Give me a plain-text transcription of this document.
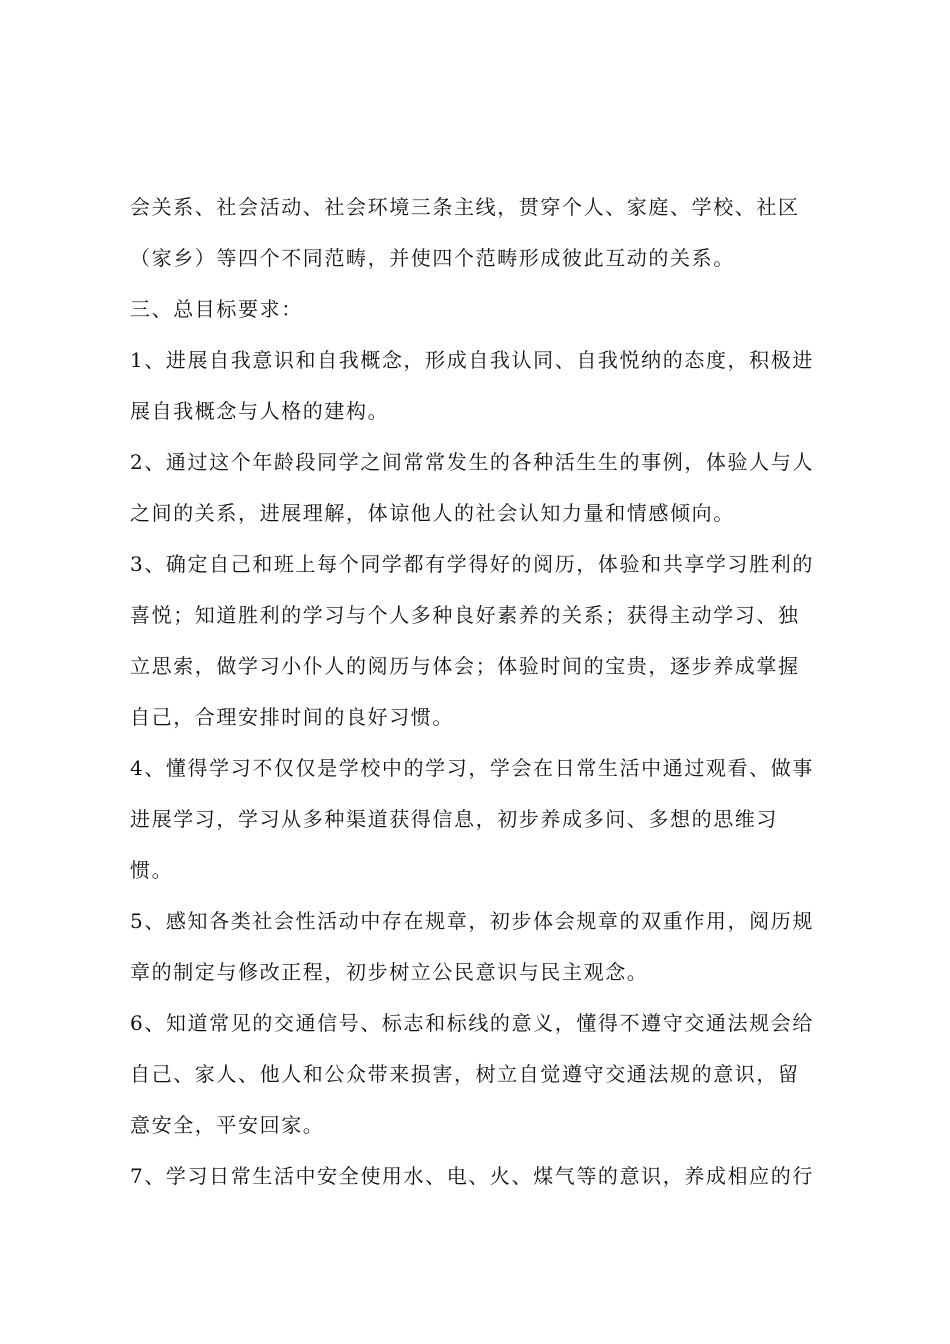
会关系、社会活动、社会环境三条主线，贯穿个人、家庭、学校、社区
（家乡）等四个不同范畴，并使四个范畴形成彼此互动的关系。
三、总目标要求：
1、进展自我意识和自我概念，形成自我认同、自我悦纳的态度，积极进
展自我概念与人格的建构。
2、通过这个年龄段同学之间常常发生的各种活生生的事例，体验人与人
之间的关系，进展理解，体谅他人的社会认知力量和情感倾向。
3、确定自己和班上每个同学都有学得好的阅历，体验和共享学习胜利的
喜悦；知道胜利的学习与个人多种良好素养的关系；获得主动学习、独
立思索，做学习小仆人的阅历与体会；体验时间的宝贵，逐步养成掌握
自己，合理安排时间的良好习惯。
4、懂得学习不仅仅是学校中的学习，学会在日常生活中通过观看、做事
进展学习，学习从多种渠道获得信息，初步养成多问、多想的思维习
惯。
5、感知各类社会性活动中存在规章，初步体会规章的双重作用，阅历规
章的制定与修改正程，初步树立公民意识与民主观念。
6、知道常见的交通信号、标志和标线的意义，懂得不遵守交通法规会给
自己、家人、他人和公众带来损害，树立自觉遵守交通法规的意识，留
意安全，平安回家。
7、学习日常生活中安全使用水、电、火、煤气等的意识，养成相应的行
